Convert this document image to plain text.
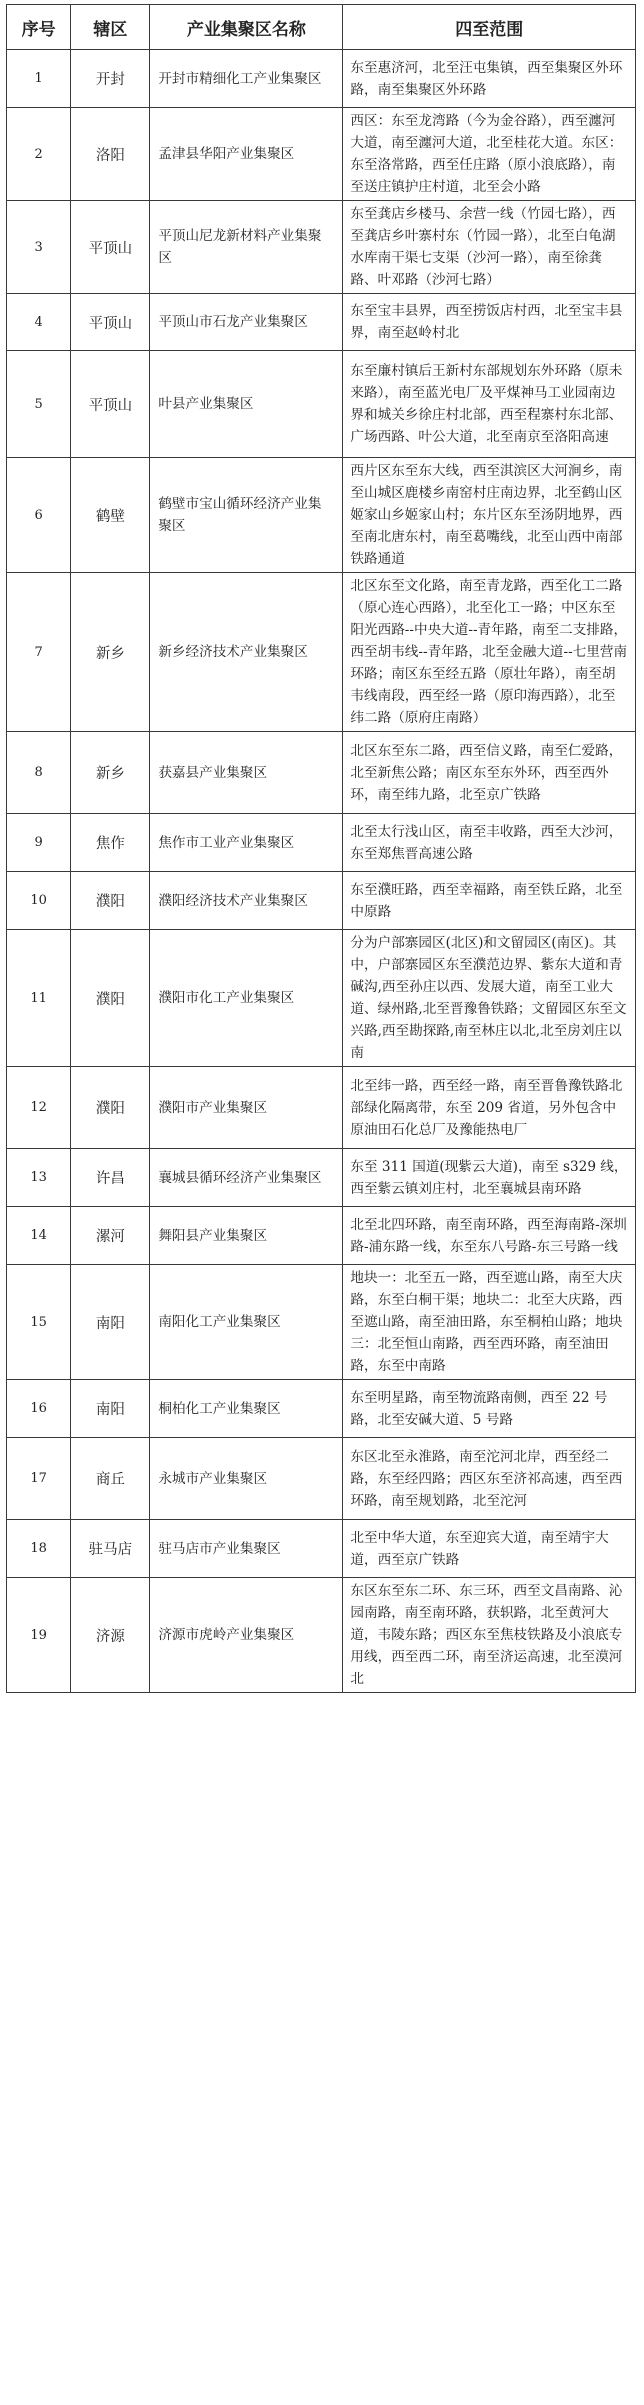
序号	辖区	产业集聚区名称	四至范围
1	开封	开封市精细化工产业集聚区	东至惠济河，北至汪屯集镇，西至集聚区外环路，南至集聚区外环路
2	洛阳	孟津县华阳产业集聚区	西区：东至龙湾路（今为金谷路），西至瀍河大道，南至瀍河大道，北至桂花大道。东区：东至洛常路，西至任庄路（原小浪底路），南至送庄镇护庄村道，北至会小路
3	平顶山	平顶山尼龙新材料产业集聚区	东至龚店乡楼马、余营一线（竹园七路），西至龚店乡叶寨村东（竹园一路），北至白龟湖水库南干渠七支渠（沙河一路），南至徐龚路、叶邓路（沙河七路）
4	平顶山	平顶山市石龙产业集聚区	东至宝丰县界，西至捞饭店村西，北至宝丰县界，南至赵岭村北
5	平顶山	叶县产业集聚区	东至廉村镇后王新村东部规划东外环路（原未来路），南至蓝光电厂及平煤神马工业园南边界和城关乡徐庄村北部，西至程寨村东北部、广场西路、叶公大道，北至南京至洛阳高速
6	鹤壁	鹤壁市宝山循环经济产业集聚区	西片区东至东大线，西至淇滨区大河涧乡，南至山城区鹿楼乡南窑村庄南边界，北至鹤山区姬家山乡姬家山村；东片区东至汤阴地界，西至南北唐东村，南至葛嘴线，北至山西中南部铁路通道
7	新乡	新乡经济技术产业集聚区	北区东至文化路，南至青龙路，西至化工二路（原心连心西路），北至化工一路；中区东至阳光西路--中央大道--青年路，南至二支排路，西至胡韦线--青年路，北至金融大道--七里营南环路；南区东至经五路（原壮年路），南至胡韦线南段，西至经一路（原印海西路），北至纬二路（原府庄南路）
8	新乡	获嘉县产业集聚区	北区东至东二路，西至信义路，南至仁爱路，北至新焦公路；南区东至东外环，西至西外环，南至纬九路，北至京广铁路
9	焦作	焦作市工业产业集聚区	北至太行浅山区，南至丰收路，西至大沙河，东至郑焦晋高速公路
10	濮阳	濮阳经济技术产业集聚区	东至濮旺路，西至幸福路，南至铁丘路，北至中原路
11	濮阳	濮阳市化工产业集聚区	分为户部寨园区(北区)和文留园区(南区)。其中，户部寨园区东至濮范边界、紫东大道和青碱沟,西至孙庄以西、发展大道，南至工业大道、绿州路,北至晋豫鲁铁路；文留园区东至文兴路,西至勘探路,南至林庄以北,北至房刘庄以南
12	濮阳	濮阳市产业集聚区	北至纬一路，西至经一路，南至晋鲁豫铁路北部绿化隔离带，东至 209 省道，另外包含中原油田石化总厂及豫能热电厂
13	许昌	襄城县循环经济产业集聚区	东至 311 国道(现紫云大道)，南至 s329 线，西至紫云镇刘庄村，北至襄城县南环路
14	漯河	舞阳县产业集聚区	北至北四环路，南至南环路，西至海南路-深圳路-浦东路一线，东至东八号路-东三号路一线
15	南阳	南阳化工产业集聚区	地块一：北至五一路，西至遮山路，南至大庆路，东至白桐干渠；地块二：北至大庆路，西至遮山路，南至油田路，东至桐柏山路；地块三：北至恒山南路，西至西环路，南至油田路，东至中南路
16	南阳	桐柏化工产业集聚区	东至明星路，南至物流路南侧，西至 22 号路，北至安碱大道、5 号路
17	商丘	永城市产业集聚区	东区北至永淮路，南至沱河北岸，西至经二路，东至经四路；西区东至济祁高速，西至西环路，南至规划路，北至沱河
18	驻马店	驻马店市产业集聚区	北至中华大道，东至迎宾大道，南至靖宇大道，西至京广铁路
19	济源	济源市虎岭产业集聚区	东区东至东二环、东三环，西至文昌南路、沁园南路，南至南环路，获轵路，北至黄河大道，韦陵东路；西区东至焦枝铁路及小浪底专用线，西至西二环，南至济运高速，北至漠河北
